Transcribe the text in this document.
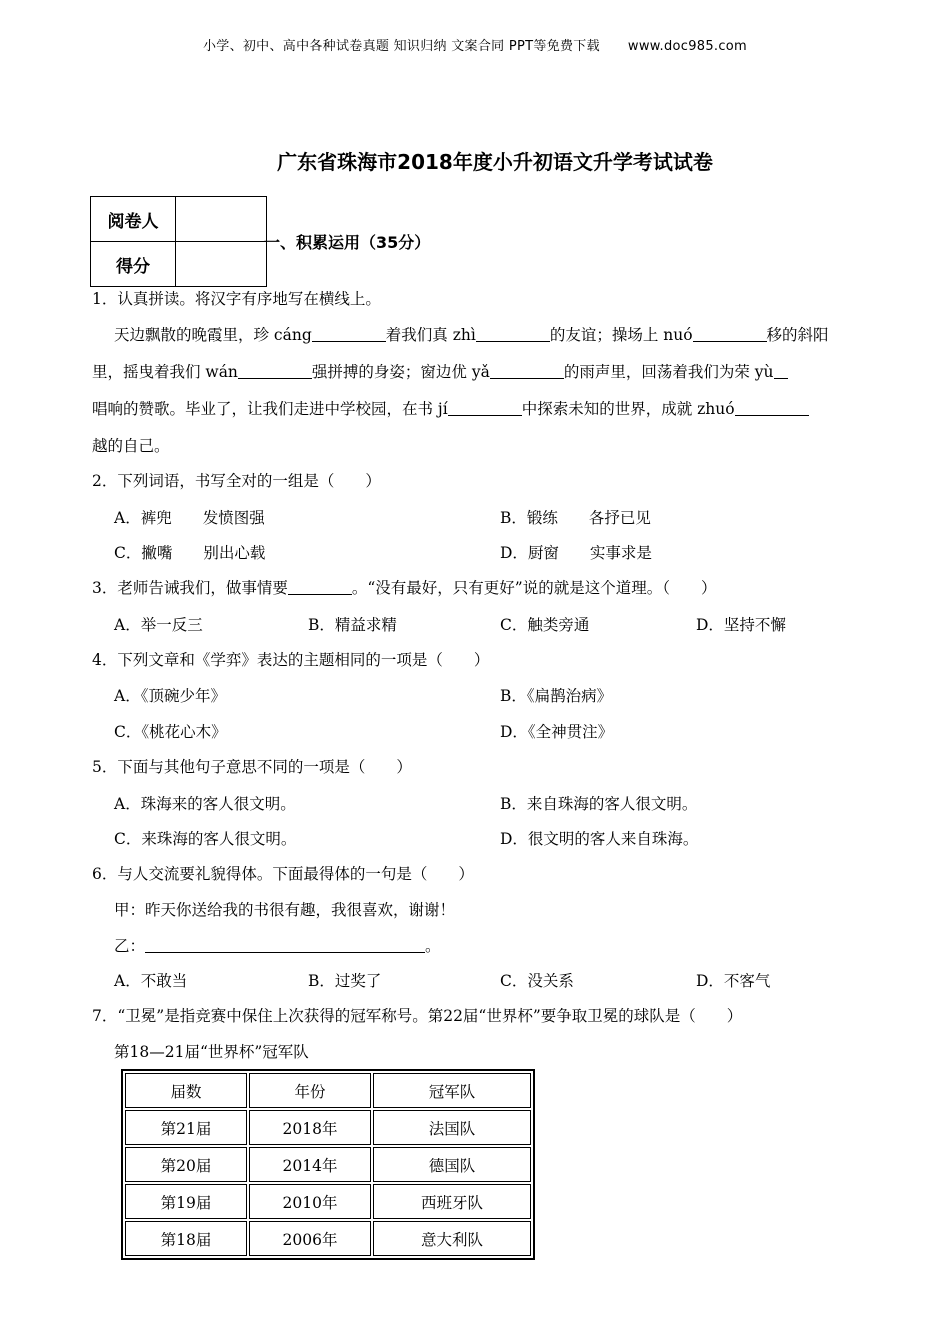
小学、初中、高中各种试卷真题 知识归纳 文案合同 PPT等免费下载 www.doc985.com
广东省珠海市2018年度小升初语文升学考试试卷
阅卷人	
得分	
一、积累运用（35分）
1．认真拼读。将汉字有序地写在横线上。
天边飘散的晚霞里，珍 cáng	着我们真 zhì	的友谊；操场上 nuó	移的斜阳
里，摇曳着我们 wán	强拼搏的身姿；窗边优 yǎ	的雨声里，回荡着我们为荣 yù
唱响的赞歌。毕业了，让我们走进中学校园，在书 jí	中探索未知的世界，成就 zhuó
越的自己。
2．下列词语，书写全对的一组是（　　）
A．裤兜　　发愤图强	B．锻练　　各抒已见
C．撇嘴　　别出心载	D．厨窗　　实事求是
3．老师告诫我们，做事情要	。“没有最好，只有更好”说的就是这个道理。（　　）
A．举一反三	B．精益求精	C．触类旁通	D．坚持不懈
4．下列文章和《学弈》表达的主题相同的一项是（　　）
A．《顶碗少年》	B．《扁鹊治病》
C．《桃花心木》	D．《全神贯注》
5．下面与其他句子意思不同的一项是（　　）
A．珠海来的客人很文明。	B．来自珠海的客人很文明。
C．来珠海的客人很文明。	D．很文明的客人来自珠海。
6．与人交流要礼貌得体。下面最得体的一句是（　　）
甲：昨天你送给我的书很有趣，我很喜欢，谢谢！
乙：	。
A．不敢当	B．过奖了	C．没关系	D．不客气
7．“卫冕”是指竞赛中保住上次获得的冠军称号。第22届“世界杯”要争取卫冕的球队是（　　）
第18—21届“世界杯”冠军队
届数	年份	冠军队
第21届	2018年	法国队
第20届	2014年	德国队
第19届	2010年	西班牙队
第18届	2006年	意大利队
